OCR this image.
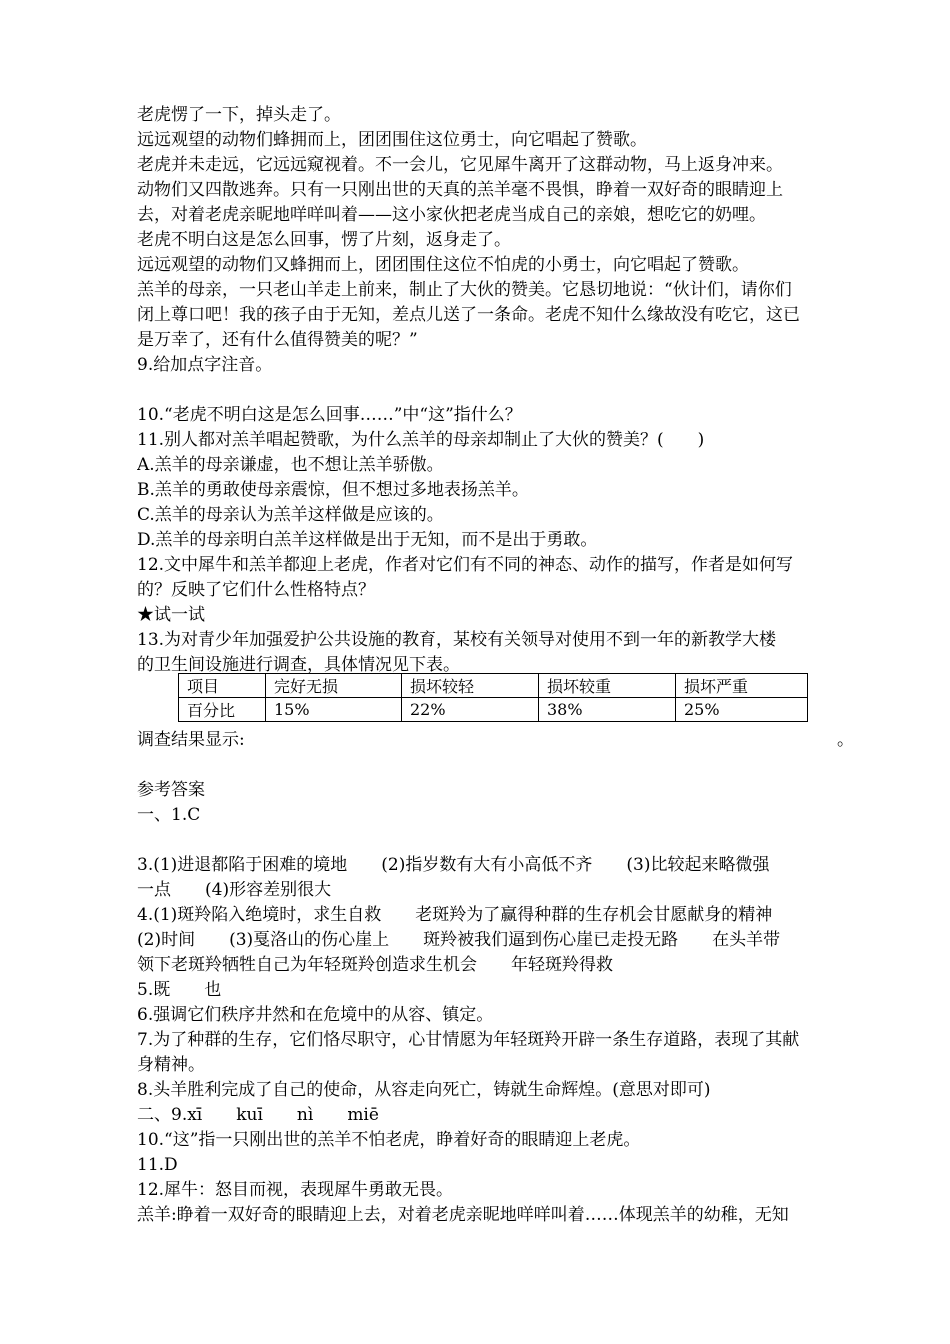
老虎愣了一下，掉头走了。
远远观望的动物们蜂拥而上，团团围住这位勇士，向它唱起了赞歌。
老虎并未走远，它远远窥视着。不一会儿，它见犀牛离开了这群动物，马上返身冲来。
动物们又四散逃奔。只有一只刚出世的天真的羔羊毫不畏惧，睁着一双好奇的眼睛迎上
去，对着老虎亲昵地咩咩叫着——这小家伙把老虎当成自己的亲娘，想吃它的奶哩。
老虎不明白这是怎么回事，愣了片刻，返身走了。
远远观望的动物们又蜂拥而上，团团围住这位不怕虎的小勇士，向它唱起了赞歌。
羔羊的母亲，一只老山羊走上前来，制止了大伙的赞美。它恳切地说：“伙计们，请你们
闭上尊口吧！我的孩子由于无知，差点儿送了一条命。老虎不知什么缘故没有吃它，这已
是万幸了，还有什么值得赞美的呢？”
9.给加点字注音。
10.“老虎不明白这是怎么回事……”中“这”指什么？
11.别人都对羔羊唱起赞歌，为什么羔羊的母亲却制止了大伙的赞美？(　　)
A.羔羊的母亲谦虚，也不想让羔羊骄傲。
B.羔羊的勇敢使母亲震惊，但不想过多地表扬羔羊。
C.羔羊的母亲认为羔羊这样做是应该的。
D.羔羊的母亲明白羔羊这样做是出于无知，而不是出于勇敢。
12.文中犀牛和羔羊都迎上老虎，作者对它们有不同的神态、动作的描写，作者是如何写
的？反映了它们什么性格特点？
★试一试
13.为对青少年加强爱护公共设施的教育，某校有关领导对使用不到一年的新教学大楼
的卫生间设施进行调查，具体情况见下表。
项目	完好无损	损坏较轻	损坏较重	损坏严重
百分比	15%	22%	38%	25%
调查结果显示:	。
参考答案
一、1.C
3.(1)进退都陷于困难的境地　　(2)指岁数有大有小高低不齐　　(3)比较起来略微强
一点　　(4)形容差别很大
4.(1)斑羚陷入绝境时，求生自救　　老斑羚为了赢得种群的生存机会甘愿献身的精神
(2)时间　　(3)戛洛山的伤心崖上　　斑羚被我们逼到伤心崖已走投无路　　在头羊带
领下老斑羚牺牲自己为年轻斑羚创造求生机会　　年轻斑羚得救
5.既　　也
6.强调它们秩序井然和在危境中的从容、镇定。
7.为了种群的生存，它们恪尽职守，心甘情愿为年轻斑羚开辟一条生存道路，表现了其献
身精神。
8.头羊胜利完成了自己的使命，从容走向死亡，铸就生命辉煌。(意思对即可)
二、9.xī　　kuī　　nì　　miē
10.“这”指一只刚出世的羔羊不怕老虎，睁着好奇的眼睛迎上老虎。
11.D
12.犀牛：怒目而视，表现犀牛勇敢无畏。
羔羊:睁着一双好奇的眼睛迎上去，对着老虎亲昵地咩咩叫着……体现羔羊的幼稚，无知
